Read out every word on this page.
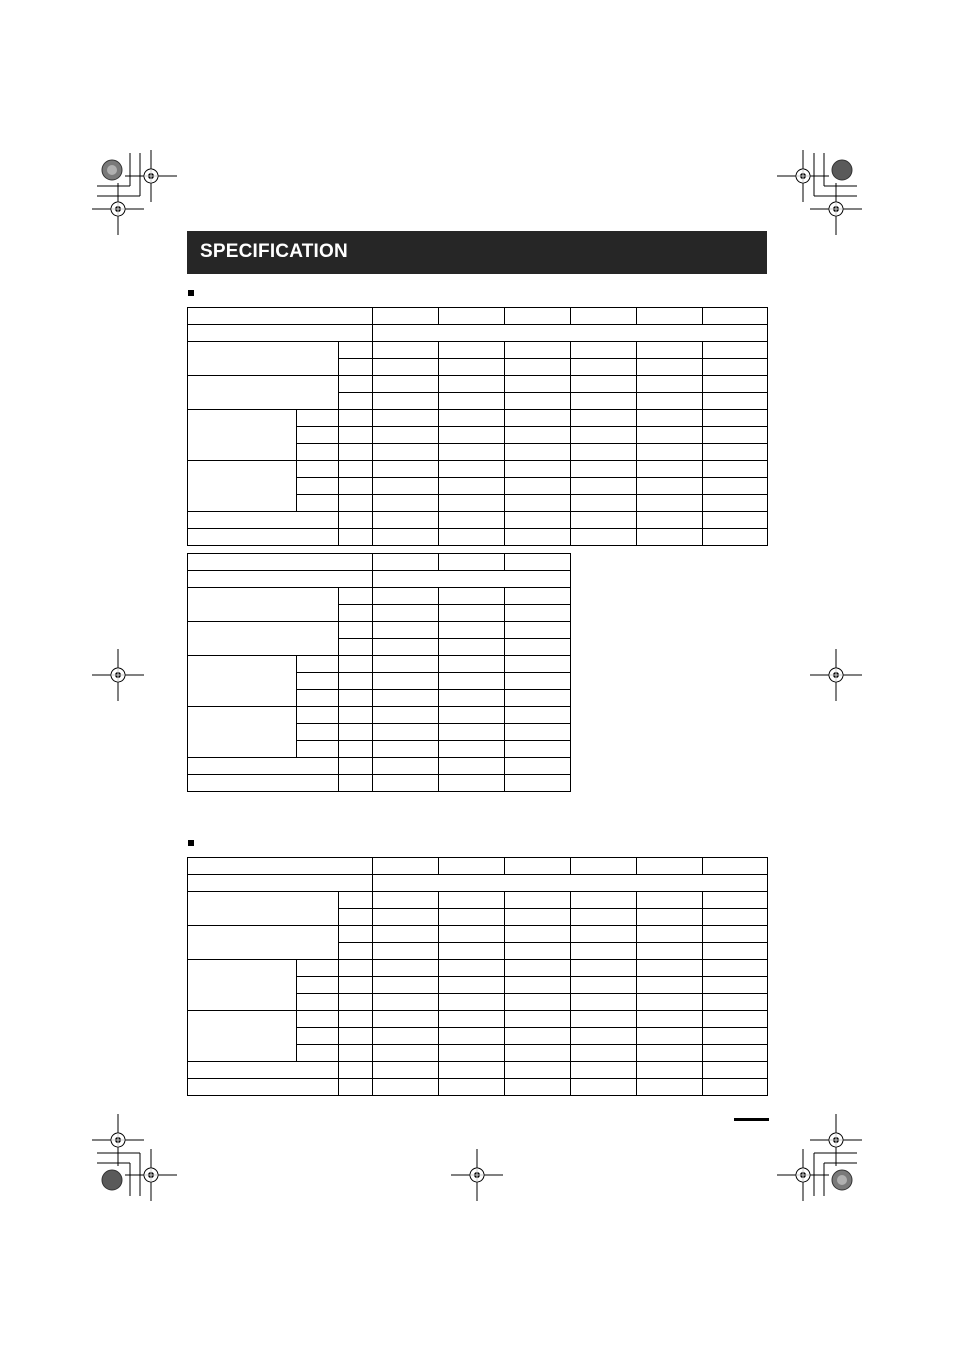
SPECIFICATION
